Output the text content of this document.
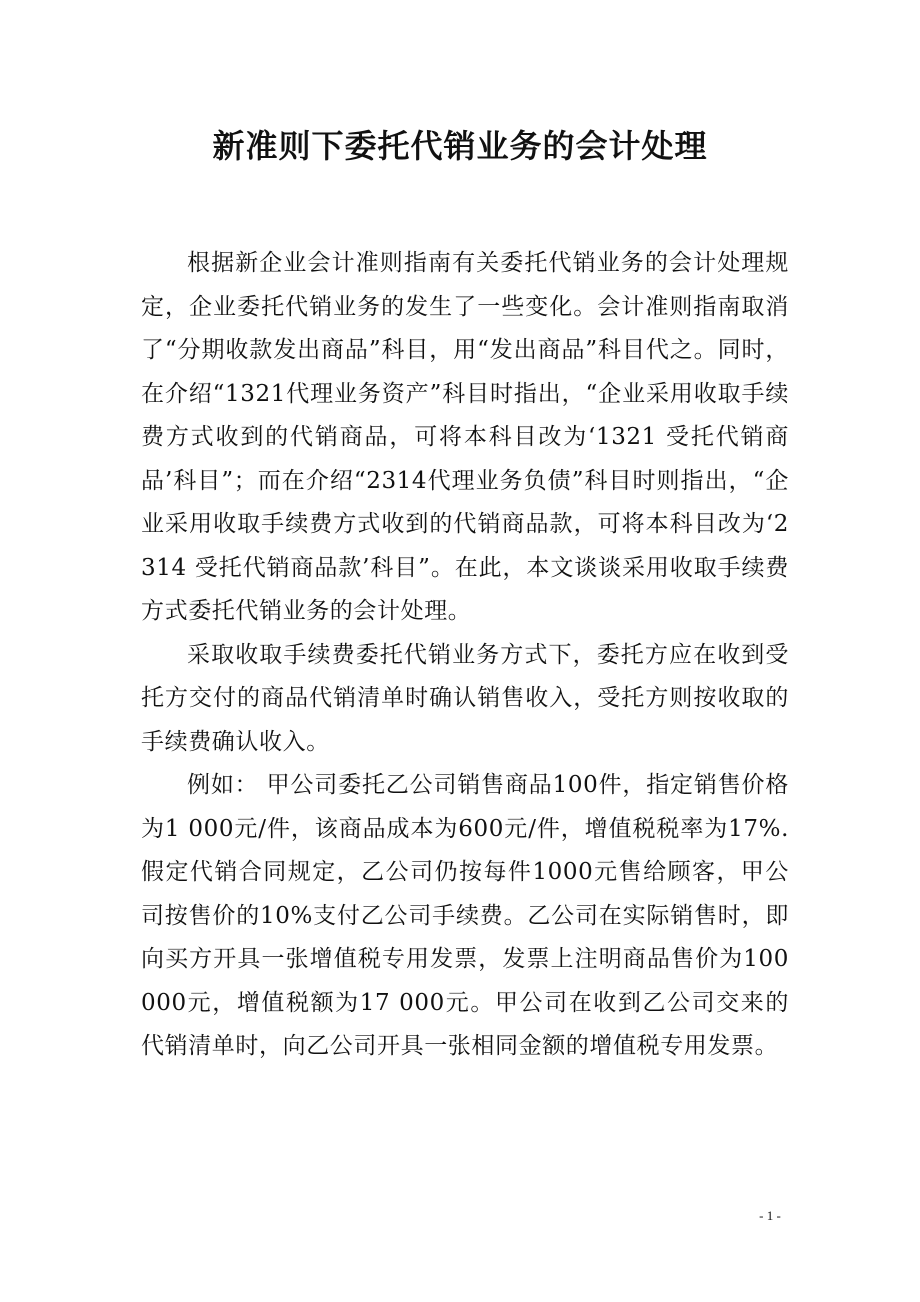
新准则下委托代销业务的会计处理

根据新企业会计准则指南有关委托代销业务的会计处理规定，企业委托代销业务的发生了一些变化。会计准则指南取消了“分期收款发出商品”科目，用“发出商品”科目代之。同时，在介绍“1321代理业务资产”科目时指出，“企业采用收取手续费方式收到的代销商品，可将本科目改为‘1321 受托代销商品’科目”；而在介绍“2314代理业务负债”科目时则指出，“企业采用收取手续费方式收到的代销商品款，可将本科目改为‘2314 受托代销商品款’科目”。在此，本文谈谈采用收取手续费方式委托代销业务的会计处理。

采取收取手续费委托代销业务方式下，委托方应在收到受托方交付的商品代销清单时确认销售收入，受托方则按收取的手续费确认收入。

例如： 甲公司委托乙公司销售商品100件，指定销售价格为1 000元/件，该商品成本为600元/件，增值税税率为17%.假定代销合同规定，乙公司仍按每件1000元售给顾客，甲公司按售价的10%支付乙公司手续费。乙公司在实际销售时，即向买方开具一张增值税专用发票，发票上注明商品售价为100 000元，增值税额为17 000元。甲公司在收到乙公司交来的代销清单时，向乙公司开具一张相同金额的增值税专用发票。

- 1 -
